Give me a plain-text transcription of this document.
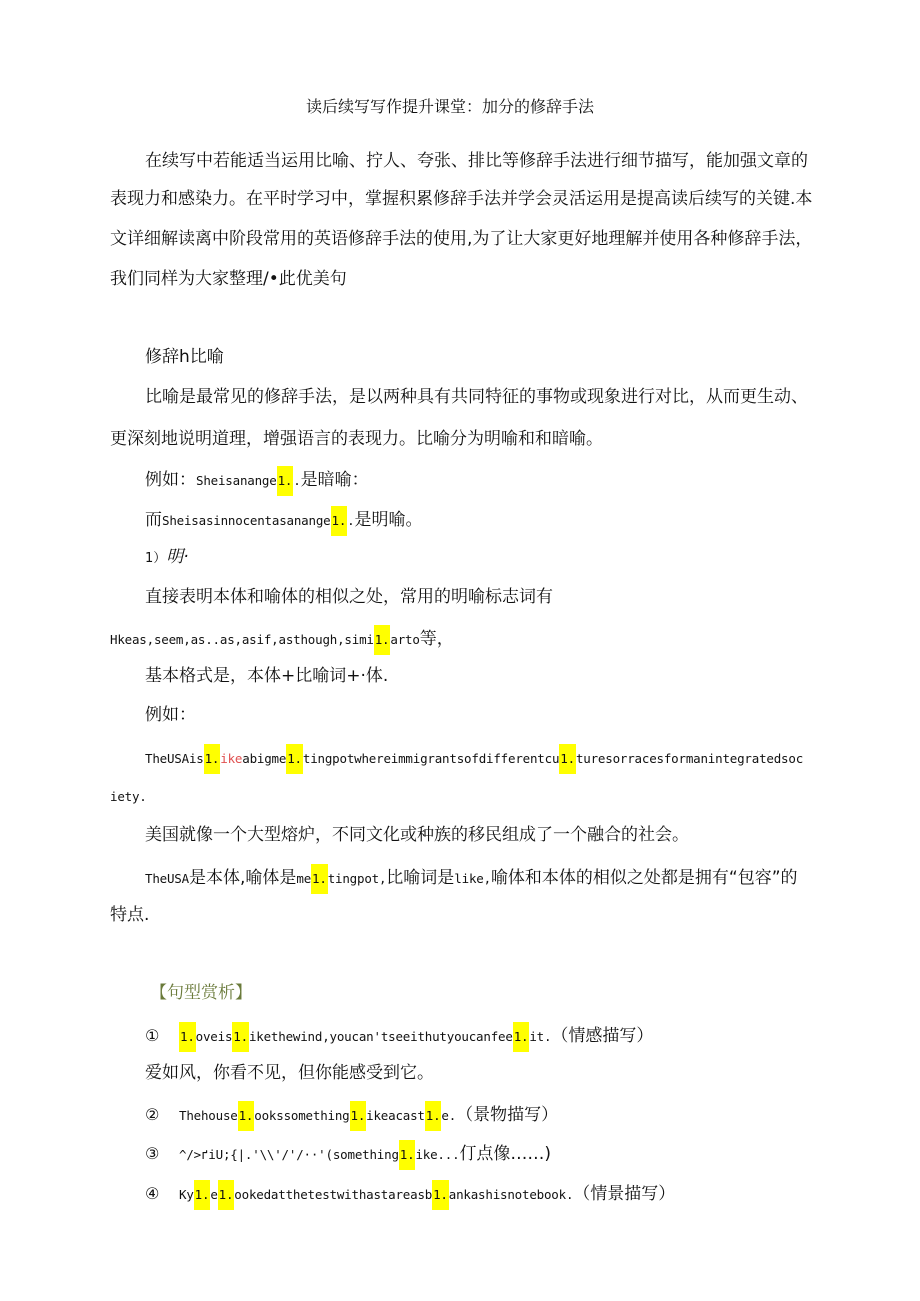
读后续写写作提升课堂：加分的修辞手法
在续写中若能适当运用比喻、拧人、夸张、排比等修辞手法进行细节描写，能加强文章的
表现力和感染力。在平时学习中，掌握积累修辞手法并学会灵活运用是提高读后续写的关键.本
文详细解读离中阶段常用的英语修辞手法的使用,为了让大家更好地理解并使用各种修辞手法，
我们同样为大家整理/•此优美句
修辞h比喻
比喻是最常见的修辞手法，是以两种具有共同特征的事物或现象进行对比，从而更生动、
更深刻地说明道理，增强语言的表现力。比喻分为明喻和和暗喻。
例如：Sheisanange1..是暗喻：
而Sheisasinnocentasanange1..是明喻。
1）明·
直接表明本体和喻体的相似之处，常用的明喻标志词有
Hkeas,seem,as..as,asif,asthough,simi1.arto等，
基本格式是，本体+比喻词+·体.
例如：
TheUSAis1.ikeabigme1.tingpotwhereimmigrantsofdifferentcu1.turesorracesformanintegratedsoc
iety.
美国就像一个大型熔炉，不同文化或种族的移民组成了一个融合的社会。
TheUSA是本体,喻体是me1.tingpot,比喻词是like,喻体和本体的相似之处都是拥有“包容”的
特点.
【句型赏析】
① 1.oveis1.ikethewind,youcan'tseeithutyoucanfee1.it.（情感描写）
爱如风，你看不见，但你能感受到它。
② Thehouse1.ookssomething1.ikeacast1.e.（景物描写）
③ ^/>ґiU;{|.'\\'/'/··'(something1.ike...仃点像……)
④ Ky1.e1.ookedatthetestwithastareasb1.ankashisnotebook.（情景描写）
